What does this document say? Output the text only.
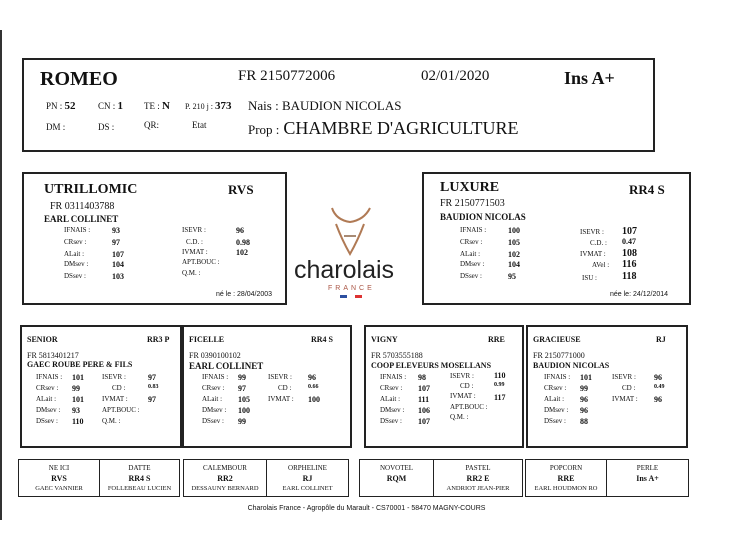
ROMEO	FR 2150772006	02/01/2020	Ins A+
PN : 52 CN : 1 TE : N P. 210 j : 373 Nais : BAUDION NICOLAS
DM :	DS :	QR:	Etat	Prop : CHAMBRE D'AGRICULTURE
UTRILLOMIC	RVS
FR 0311403788
EARL COLLINET
IFNAIS :	93
CRsev :	97
ALait :	107
DMsev :	104
DSsev :	103
ISEVR :	96
C.D. :	0.98
IVMAT :	102
APT.BOUC :
Q.M. :
né le : 28/04/2003
charolais
FRANCE
LUXURE	RR4 S
FR 2150771503
BAUDION NICOLAS
IFNAIS :	100
CRsev :	105
ALait :	102
DMsev :	104
DSsev :	95
ISEVR : 107
C.D. : 0.47
IVMAT : 108
AVel : 116
ISU :	118
née le: 24/12/2014
SENIOR	RR3 P
FR 5813401217
GAEC ROUBE PERE & FILS
IFNAIS : 101
CRsev : 99
ALait : 101
DMsev : 93
DSsev : 110
ISEVR :	97
CD :	0.83
IVMAT :	97
APT.BOUC :
Q.M. :
FICELLE	RR4 S
FR 0390100102
EARL COLLINET
IFNAIS : 99
CRsev : 97
ALait : 105
DMsev : 100
DSsev : 99
ISEVR : 96
CD :	0.66
IVMAT : 100
VIGNY	RRE
FR 5703555188
COOP ELEVEURS MOSELLANS
IFNAIS : 98
CRsev : 107
ALait : 111
DMsev : 106
DSsev : 107
ISEVR :	110
CD :	0.99
IVMAT : 117
APT.BOUC :
Q.M. :
GRACIEUSE	RJ
FR 2150771000
BAUDION NICOLAS
IFNAIS : 101
CRsev : 99
ALait : 96
DMsev : 96
DSsev : 88
ISEVR : 96
CD :	0.49
IVMAT : 96
NE ICI
RVS
GAEC VANNIER
DATTE
RR4 S
FOLLEBEAU LUCIEN
CALEMBOUR
RR2
DESSAUNY BERNARD
ORPHELINE
RJ
EARL COLLINET
NOVOTEL
RQM
PASTEL
RR2 E
ANDRIOT JEAN-PIER
POPCORN
RRE
EARL HOUDMON RO
PERLE
Ins A+
Charolais France - Agropôle du Marault - CS70001 - 58470 MAGNY-COURS
